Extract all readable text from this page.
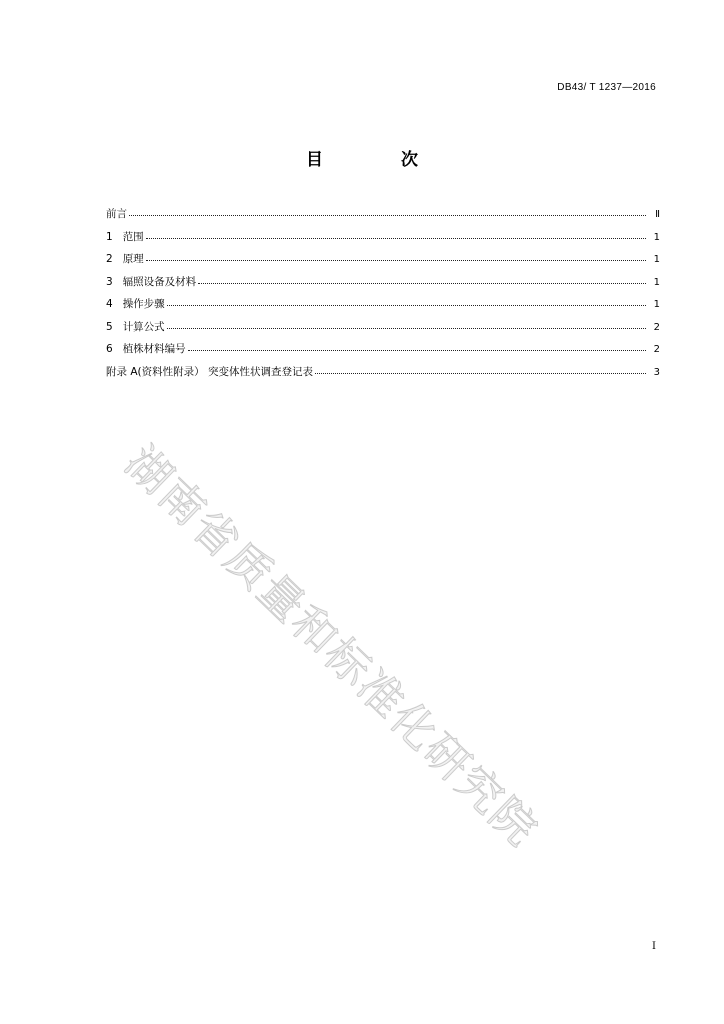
DB43/ T 1237—2016
目 次
前言	Ⅱ
1 范围	1
2 原理	1
3 辐照设备及材料	1
4 操作步骤	1
5 计算公式	2
6 植株材料编号	2
附录 A(资料性附录） 突变体性状调查登记表	3
湖南省质量和标准化研究院
I
